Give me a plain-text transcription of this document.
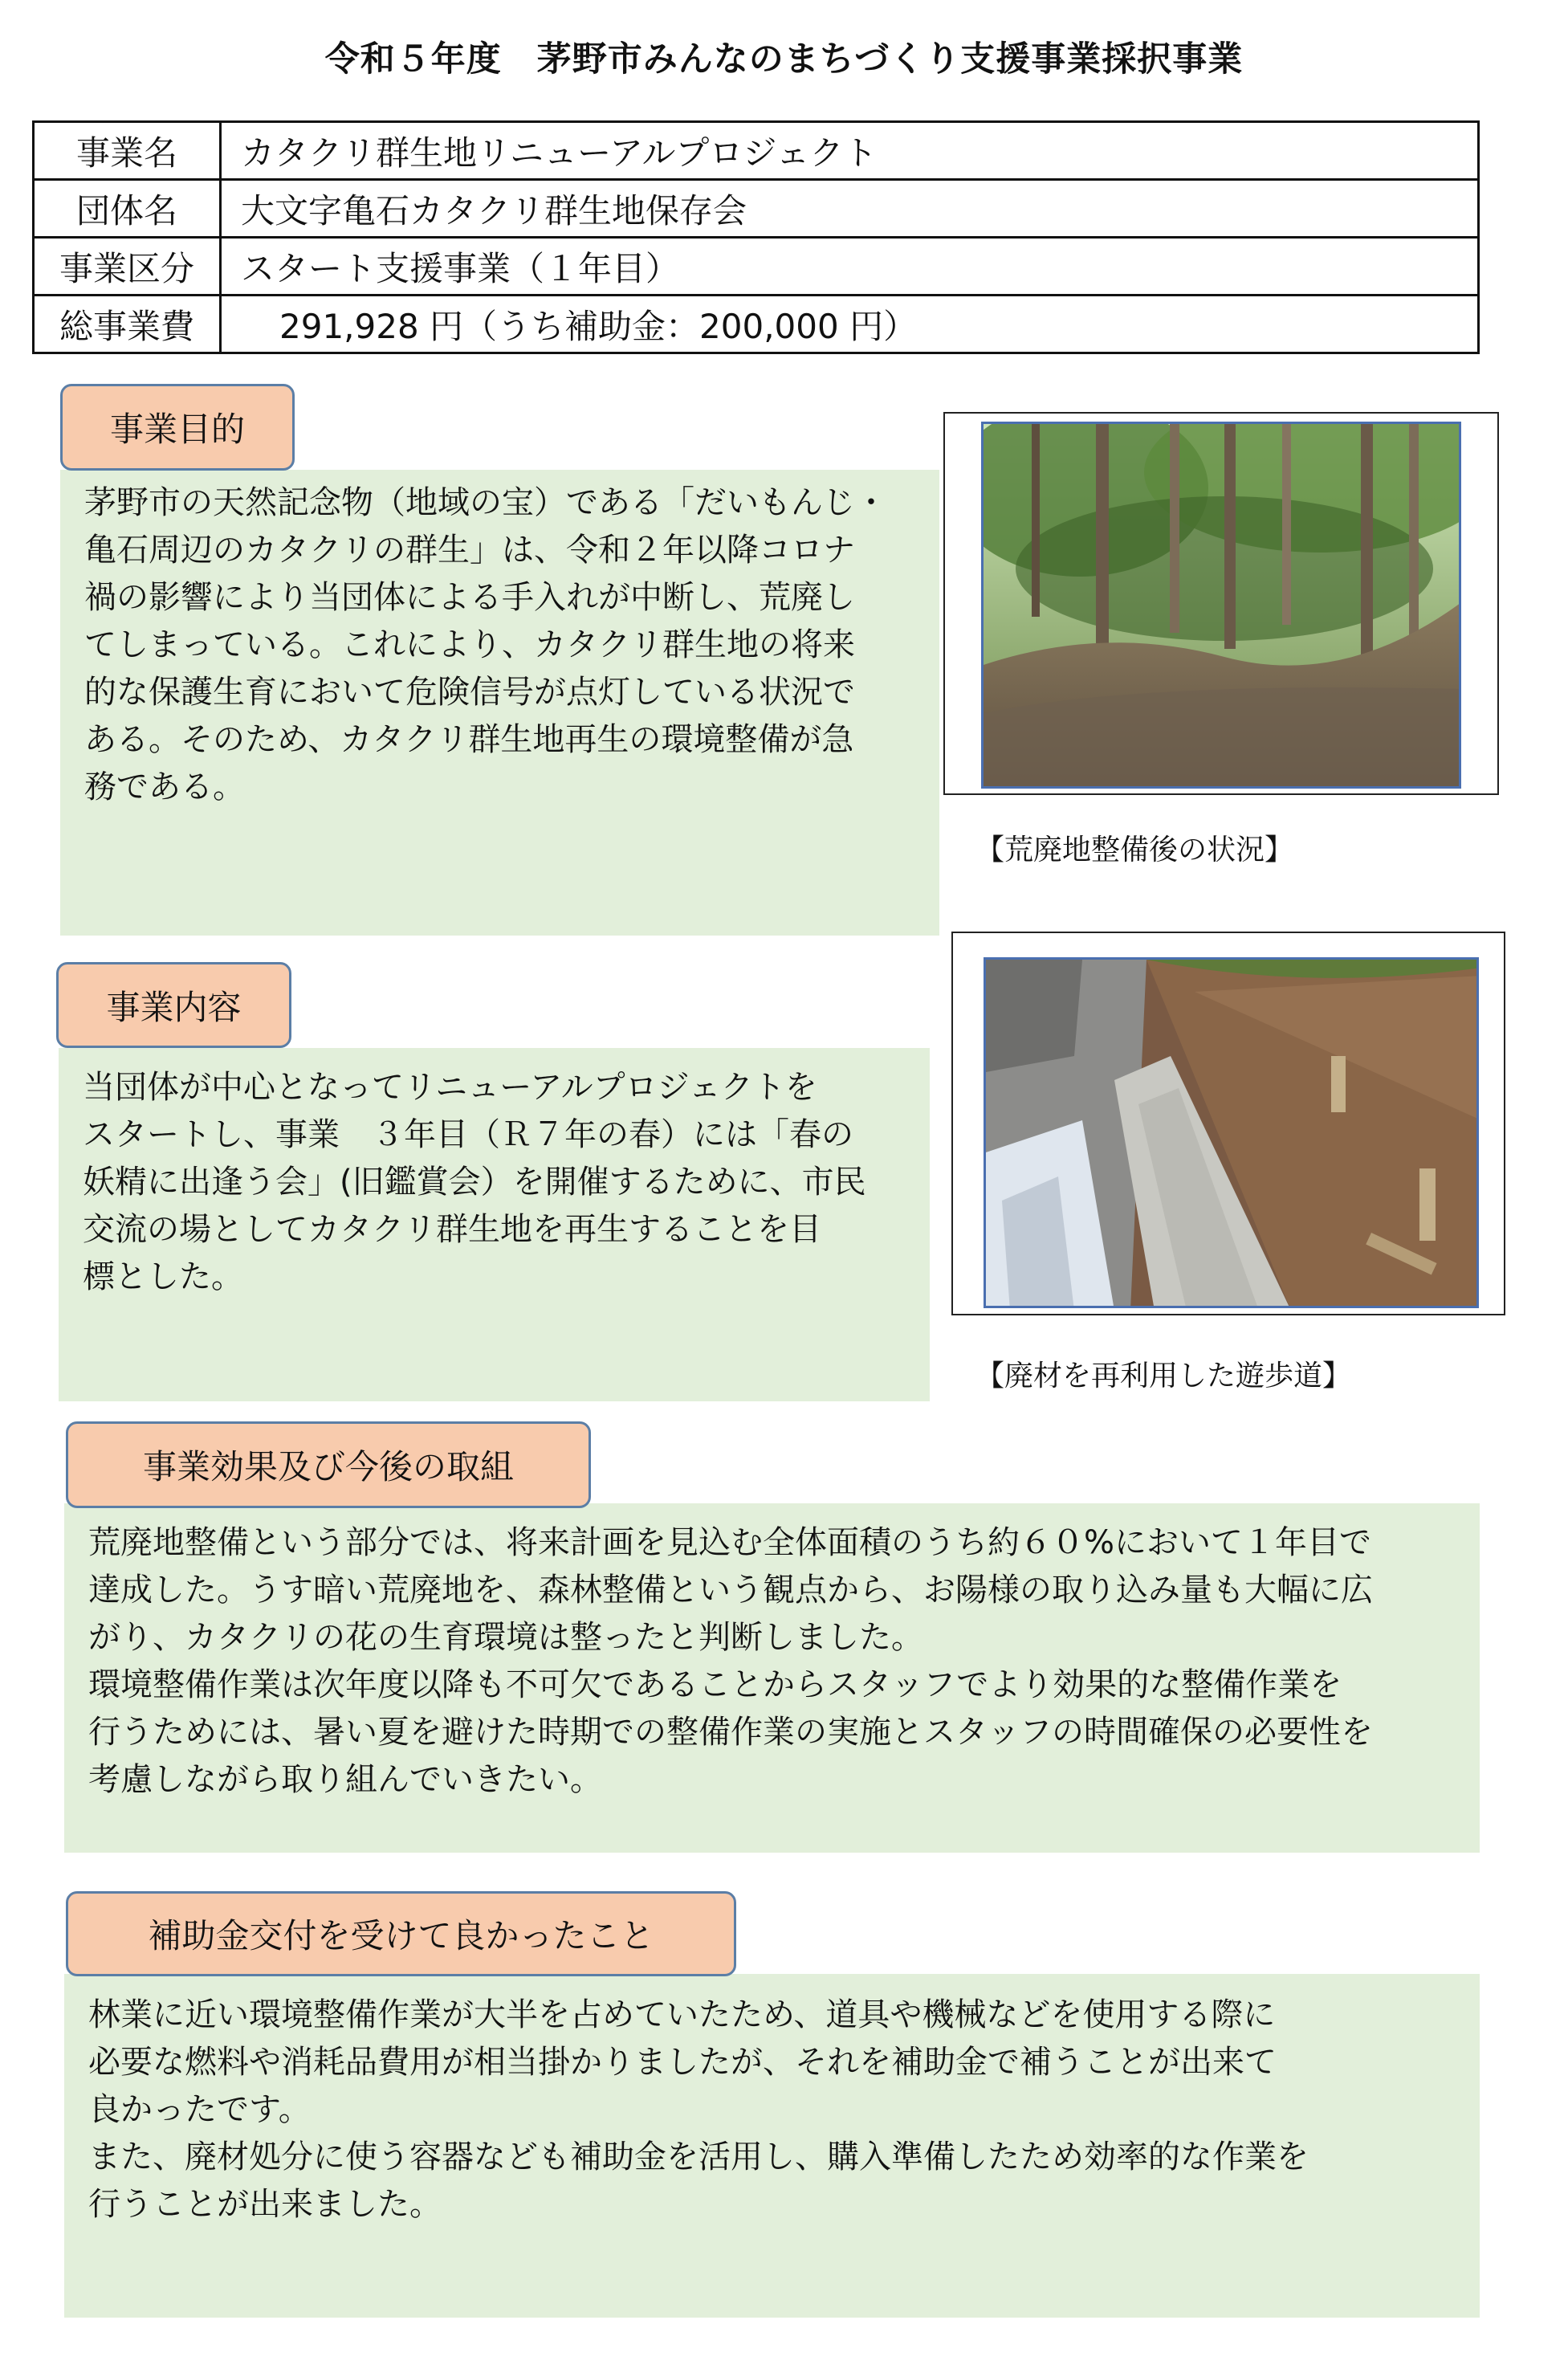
令和５年度　茅野市みんなのまちづくり支援事業採択事業
事業名	カタクリ群生地リニューアルプロジェクト
団体名	大文字亀石カタクリ群生地保存会
事業区分	スタート支援事業（１年目）
総事業費	291,928 円（うち補助金：200,000 円）
茅野市の天然記念物（地域の宝）である「だいもんじ・
亀石周辺のカタクリの群生」は、令和２年以降コロナ
禍の影響により当団体による手入れが中断し、荒廃し
てしまっている。これにより、カタクリ群生地の将来
的な保護生育において危険信号が点灯している状況で
ある。そのため、カタクリ群生地再生の環境整備が急
務である。
事業目的
【荒廃地整備後の状況】
当団体が中心となってリニューアルプロジェクトを
スタートし、事業　３年目（Ｒ７年の春）には「春の
妖精に出逢う会」(旧鑑賞会）を開催するために、市民
交流の場としてカタクリ群生地を再生することを目
標とした。
事業内容
【廃材を再利用した遊歩道】
荒廃地整備という部分では、将来計画を見込む全体面積のうち約６０%において１年目で
達成した。うす暗い荒廃地を、森林整備という観点から、お陽様の取り込み量も大幅に広
がり、カタクリの花の生育環境は整ったと判断しました。
環境整備作業は次年度以降も不可欠であることからスタッフでより効果的な整備作業を
行うためには、暑い夏を避けた時期での整備作業の実施とスタッフの時間確保の必要性を
考慮しながら取り組んでいきたい。
事業効果及び今後の取組
林業に近い環境整備作業が大半を占めていたため、道具や機械などを使用する際に
必要な燃料や消耗品費用が相当掛かりましたが、それを補助金で補うことが出来て
良かったです。
また、廃材処分に使う容器なども補助金を活用し、購入準備したため効率的な作業を
行うことが出来ました。
補助金交付を受けて良かったこと
